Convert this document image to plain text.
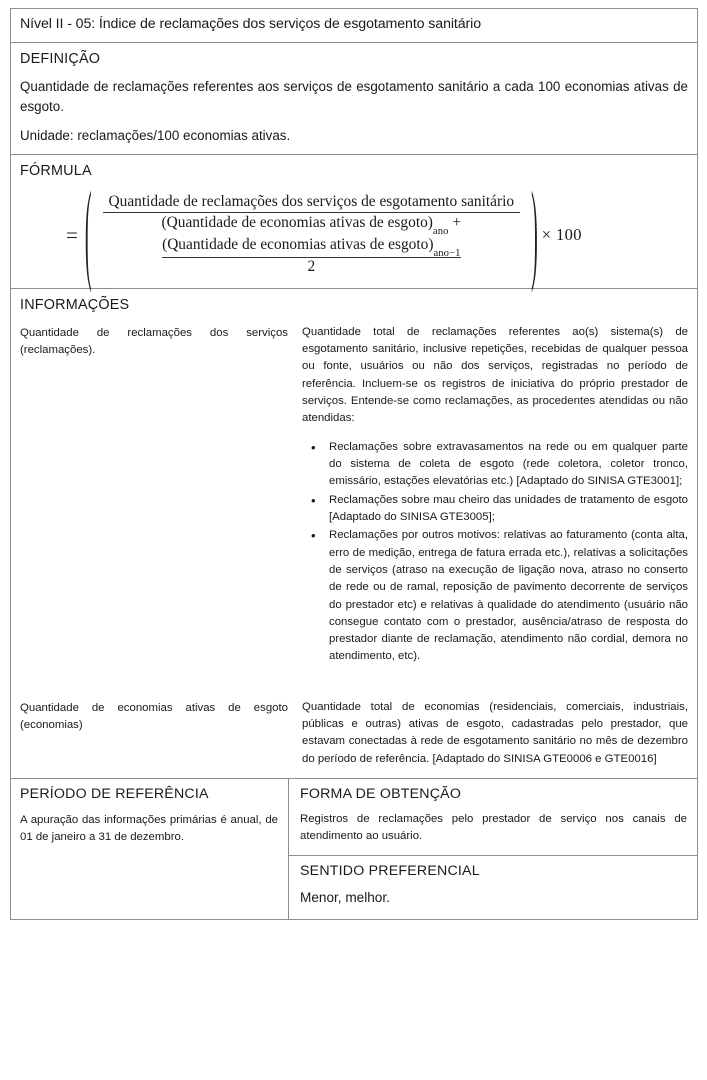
Nível II - 05: Índice de reclamações dos serviços de esgotamento sanitário
DEFINIÇÃO

Quantidade de reclamações referentes aos serviços de esgotamento sanitário a cada 100 economias ativas de esgoto.

Unidade: reclamações/100 economias ativas.

FÓRMULA
= (	Quantidade de reclamações dos serviços de esgotamento sanitário
(Quantidade de economias ativas de $esgoto)_{ano}$ +
(Quantidade de economias ativas de $esgoto)_{ano-1}$
2	) × 100
INFORMAÇÕES
Quantidade de reclamações dos serviços (reclamações).

Quantidade total de reclamações referentes ao(s) sistema(s) de esgotamento sanitário, inclusive repetições, recebidas de qualquer pessoa ou fonte, usuários ou não dos serviços, registradas no período de referência. Incluem-se os registros de iniciativa do próprio prestador de serviços. Entende-se como reclamações, as procedentes atendidas ou não atendidas:

• Reclamações sobre extravasamentos na rede ou em qualquer parte do sistema de coleta de esgoto (rede coletora, coletor tronco, emissário, estações elevatórias etc.) [Adaptado do SINISA GTE3001];
• Reclamações sobre mau cheiro das unidades de tratamento de esgoto [Adaptado do SINISA GTE3005];
• Reclamações por outros motivos: relativas ao faturamento (conta alta, erro de medição, entrega de fatura errada etc.), relativas a solicitações de serviços (atraso na execução de ligação nova, atraso no conserto de rede ou de ramal, reposição de pavimento decorrente de serviços do prestador etc) e relativas à qualidade do atendimento (usuário não consegue contato com o prestador, ausência/atraso de resposta do prestador diante de reclamação, atendimento não cordial, demora no atendimento, etc).
Quantidade de economias ativas de esgoto (economias)

Quantidade total de economias (residenciais, comerciais, industriais, públicas e outras) ativas de esgoto, cadastradas pelo prestador, que estavam conectadas à rede de esgotamento sanitário no mês de dezembro do período de referência. [Adaptado do SINISA GTE0006 e GTE0016]

PERÍODO DE REFERÊNCIA

A apuração das informações primárias é anual, de 01 de janeiro a 31 de dezembro.

FORMA DE OBTENÇÃO

Registros de reclamações pelo prestador de serviço nos canais de atendimento ao usuário.

SENTIDO PREFERENCIAL

Menor, melhor.
